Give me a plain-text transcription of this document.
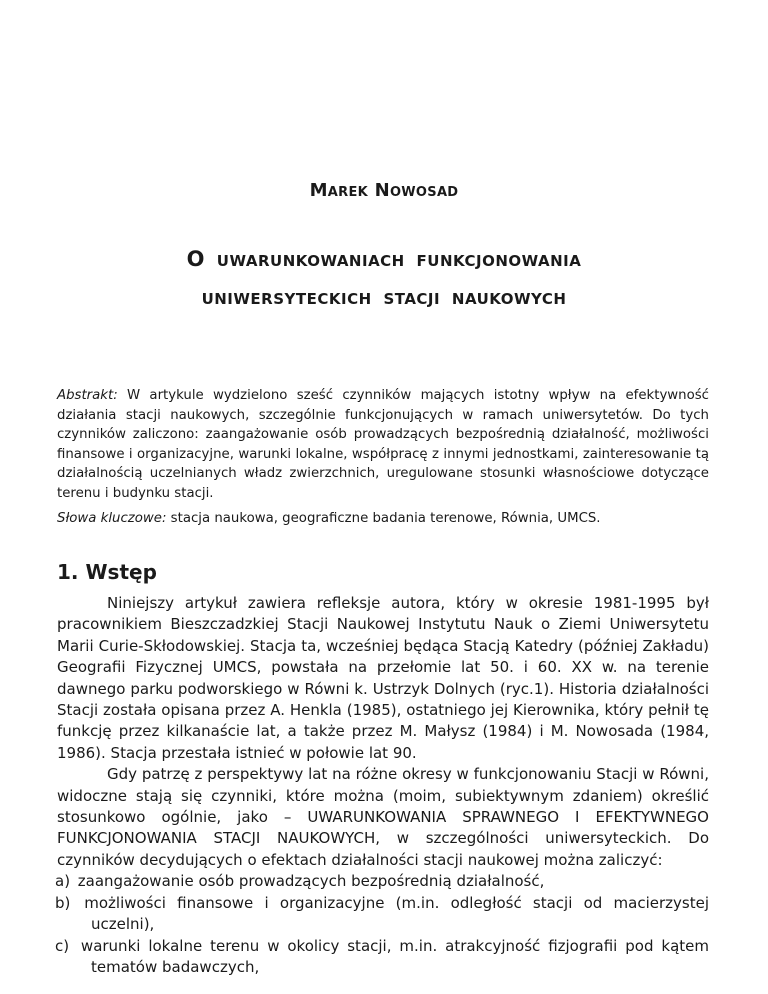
Marek Nowosad
O uwarunkowaniach funkcjonowania
uniwersyteckich stacji naukowych

Abstrakt: W artykule wydzielono sześć czynników mających istotny wpływ na efektywność działania stacji naukowych, szczególnie funkcjonujących w ramach uniwersytetów. Do tych czynników zaliczono: zaangażowanie osób prowadzących bezpośrednią działalność, możliwości finansowe i organizacyjne, warunki lokalne, współpracę z innymi jednostkami, zainteresowanie tą działalnością uczelnianych władz zwierzchnich, uregulowane stosunki własnościowe dotyczące terenu i budynku stacji.

Słowa kluczowe: stacja naukowa, geograficzne badania terenowe, Równia, UMCS.

1. Wstęp

Niniejszy artykuł zawiera refleksje autora, który w okresie 1981-1995 był pracownikiem Bieszczadzkiej Stacji Naukowej Instytutu Nauk o Ziemi Uniwersytetu Marii Curie-Skłodowskiej. Stacja ta, wcześniej będąca Stacją Katedry (później Zakładu) Geografii Fizycznej UMCS, powstała na przełomie lat 50. i 60. XX w. na terenie dawnego parku podworskiego w Równi k. Ustrzyk Dolnych (ryc.1). Historia działalności Stacji została opisana przez A. Henkla (1985), ostatniego jej Kierownika, który pełnił tę funkcję przez kilkanaście lat, a także przez M. Małysz (1984) i M. Nowosada (1984, 1986). Stacja przestała istnieć w połowie lat 90.

Gdy patrzę z perspektywy lat na różne okresy w funkcjonowaniu Stacji w Równi, widoczne stają się czynniki, które można (moim, subiektywnym zdaniem) określić stosunkowo ogólnie, jako – UWARUNKOWANIA SPRAWNEGO I EFEKTYWNEGO FUNKCJONOWANIA STACJI NAUKOWYCH, w szczególności uniwersyteckich. Do czynników decydujących o efektach działalności stacji naukowej można zaliczyć:

a) zaangażowanie osób prowadzących bezpośrednią działalność,
b) możliwości finansowe i organizacyjne (m.in. odległość stacji od macierzystej uczelni),
c) warunki lokalne terenu w okolicy stacji, m.in. atrakcyjność fizjografii pod kątem tematów badawczych,
